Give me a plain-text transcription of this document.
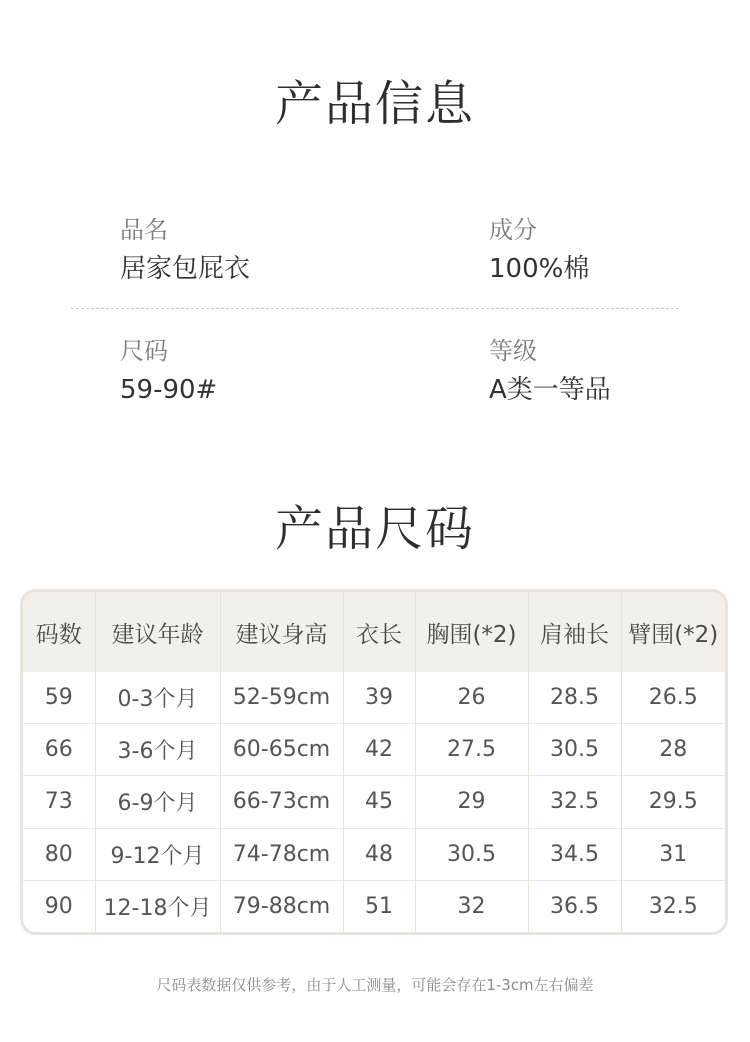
产品信息
品名
居家包屁衣
成分
100%棉
尺码
59-90#
等级
A类一等品
产品尺码
码数	建议年龄	建议身高	衣长	胸围(*2)	肩袖长	臂围(*2)
59	0-3个月	52-59cm	39	26	28.5	26.5
66	3-6个月	60-65cm	42	27.5	30.5	28
73	6-9个月	66-73cm	45	29	32.5	29.5
80	9-12个月	74-78cm	48	30.5	34.5	31
90	12-18个月	79-88cm	51	32	36.5	32.5
尺码表数据仅供参考，由于人工测量，可能会存在1-3cm左右偏差
